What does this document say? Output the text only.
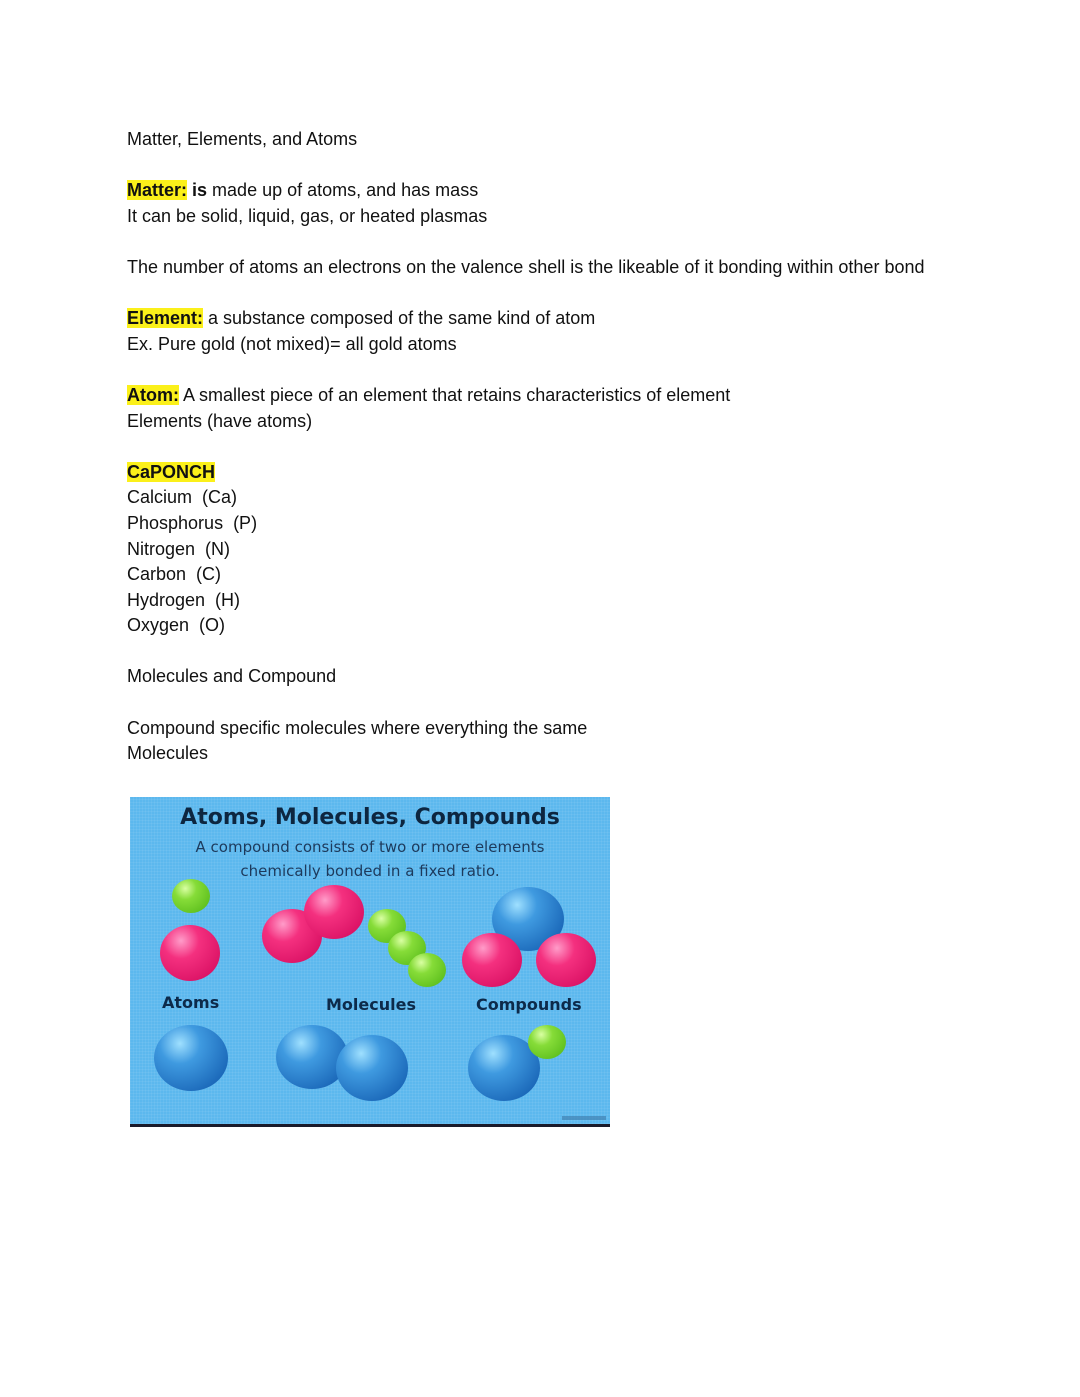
Matter, Elements, and Atoms
Matter: is made up of atoms, and has mass
It can be solid, liquid, gas, or heated plasmas
The number of atoms an electrons on the valence shell is the likeable of it bonding within other bond
Element: a substance composed of the same kind of atom
Ex. Pure gold (not mixed)= all gold atoms
Atom: A smallest piece of an element that retains characteristics of element
Elements (have atoms)
CaPONCH
Calcium  (Ca)
Phosphorus  (P)
Nitrogen  (N)
Carbon  (C)
Hydrogen  (H)
Oxygen  (O)
Molecules and Compound
Compound specific molecules where everything the same
Molecules
Atoms, Molecules, Compounds
A compound consists of two or more elements
chemically bonded in a fixed ratio.
Atoms	Molecules	Compounds
